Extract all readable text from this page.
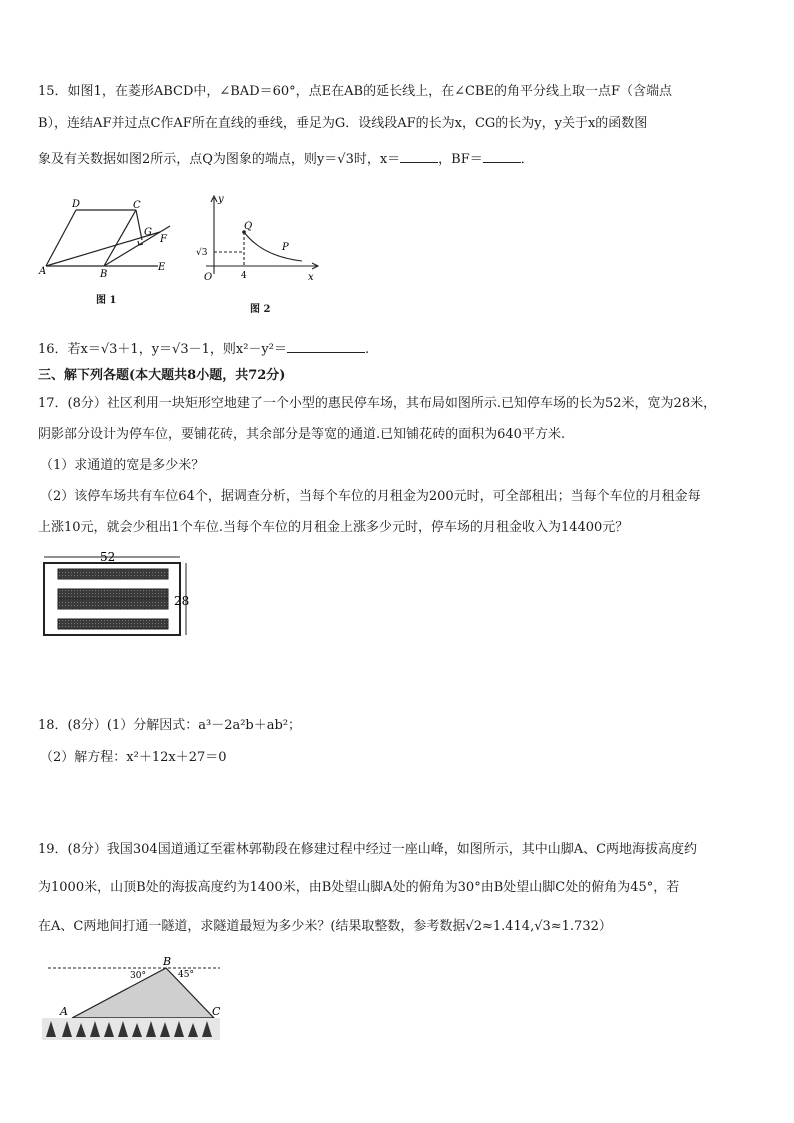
15．如图1，在菱形ABCD中，∠BAD＝60°，点E在AB的延长线上，在∠CBE的角平分线上取一点F（含端点
B），连结AF并过点C作AF所在直线的垂线，垂足为G．设线段AF的长为x，CG的长为y，y关于x的函数图
象及有关数据如图2所示，点Q为图象的端点，则y＝√3时，x＝	，BF＝	．
A
D	C
B
E
F
G
图 1
y
x
O
Q
P
√3
4
图 2
16．若x＝√3＋1，y＝√3－1，则x²－y²＝	.
三、解下列各题(本大题共8小题，共72分)
17．(8分）社区利用一块矩形空地建了一个小型的惠民停车场，其布局如图所示.已知停车场的长为52米，宽为28米，
阴影部分设计为停车位，要铺花砖，其余部分是等宽的通道.已知铺花砖的面积为640平方米.
（1）求通道的宽是多少米？
（2）该停车场共有车位64个，据调查分析，当每个车位的月租金为200元时，可全部租出；当每个车位的月租金每
上涨10元，就会少租出1个车位.当每个车位的月租金上涨多少元时，停车场的月租金收入为14400元？
52
28
18．(8分）(1）分解因式：a³－2a²b＋ab²；
（2）解方程：x²＋12x＋27＝0
19．(8分）我国304国道通辽至霍林郭勒段在修建过程中经过一座山峰，如图所示，其中山脚A、C两地海拔高度约
为1000米，山顶B处的海拔高度约为1400米，由B处望山脚A处的俯角为30°由B处望山脚C处的俯角为45°，若
在A、C两地间打通一隧道，求隧道最短为多少米？(结果取整数，参考数据√2≈1.414,√3≈1.732）
B
A	C
30°	45°
